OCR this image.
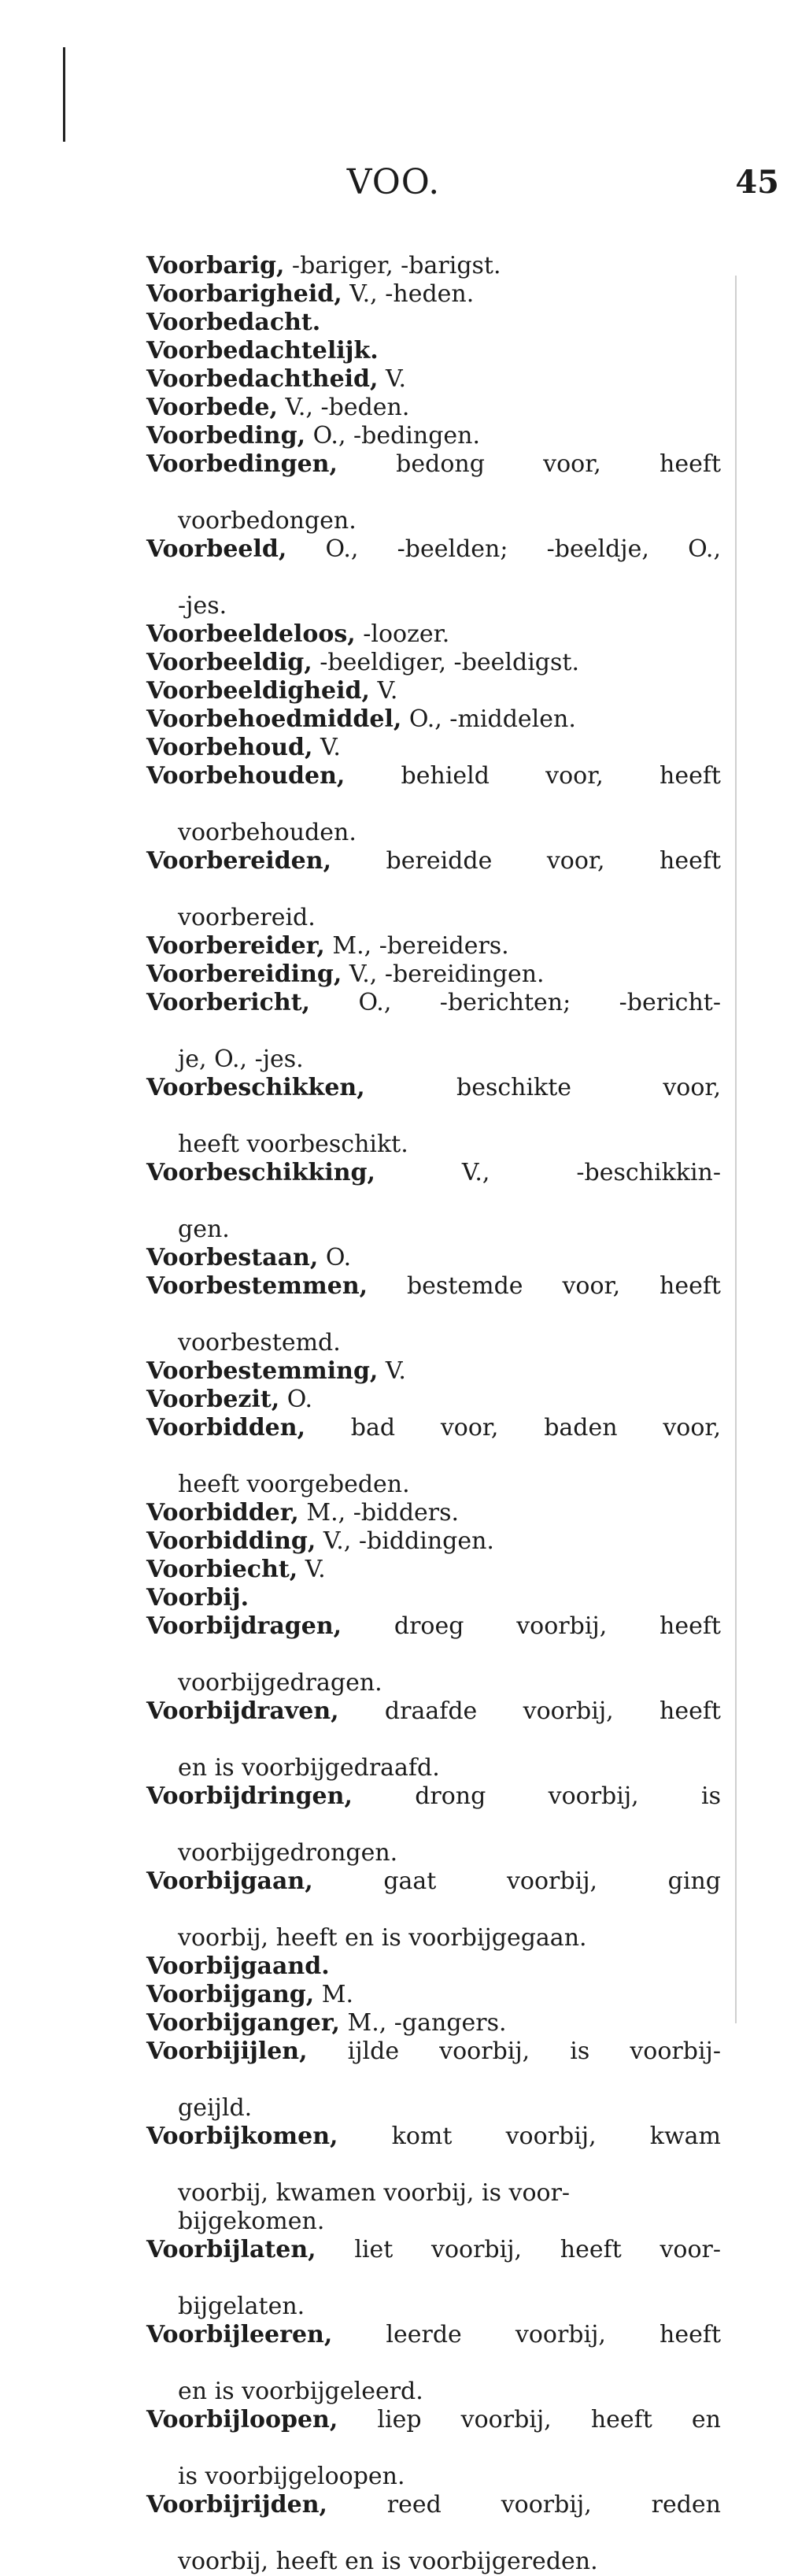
VOO.	45
Voorbarig, -bariger, -barigst.
Voorbarigheid, V., -heden.
Voorbedacht.
Voorbedachtelijk.
Voorbedachtheid, V.
Voorbede, V., -beden.
Voorbeding, O., -bedingen.
Voorbedingen, bedong voor, heeft
voorbedongen.
Voorbeeld, O., -beelden; -beeldje, O.,
-jes.
Voorbeeldeloos, -loozer.
Voorbeeldig, -beeldiger, -beeldigst.
Voorbeeldigheid, V.
Voorbehoedmiddel, O., -middelen.
Voorbehoud, V.
Voorbehouden, behield voor, heeft
voorbehouden.
Voorbereiden, bereidde voor, heeft
voorbereid.
Voorbereider, M., -bereiders.
Voorbereiding, V., -bereidingen.
Voorbericht, O., -berichten; -bericht-
je, O., -jes.
Voorbeschikken, beschikte voor,
heeft voorbeschikt.
Voorbeschikking, V., -beschikkin-
gen.
Voorbestaan, O.
Voorbestemmen, bestemde voor, heeft
voorbestemd.
Voorbestemming, V.
Voorbezit, O.
Voorbidden, bad voor, baden voor,
heeft voorgebeden.
Voorbidder, M., -bidders.
Voorbidding, V., -biddingen.
Voorbiecht, V.
Voorbij.
Voorbijdragen, droeg voorbij, heeft
voorbijgedragen.
Voorbijdraven, draafde voorbij, heeft
en is voorbijgedraafd.
Voorbijdringen, drong voorbij, is
voorbijgedrongen.
Voorbijgaan, gaat voorbij, ging
voorbij, heeft en is voorbijgegaan.
Voorbijgaand.
Voorbijgang, M.
Voorbijganger, M., -gangers.
Voorbijijlen, ijlde voorbij, is voorbij-
geijld.
Voorbijkomen, komt voorbij, kwam
voorbij, kwamen voorbij, is voor-
bijgekomen.
Voorbijlaten, liet voorbij, heeft voor-
bijgelaten.
Voorbijleeren, leerde voorbij, heeft
en is voorbijgeleerd.
Voorbijloopen, liep voorbij, heeft en
is voorbijgeloopen.
Voorbijrijden, reed voorbij, reden
voorbij, heeft en is voorbijgereden.
